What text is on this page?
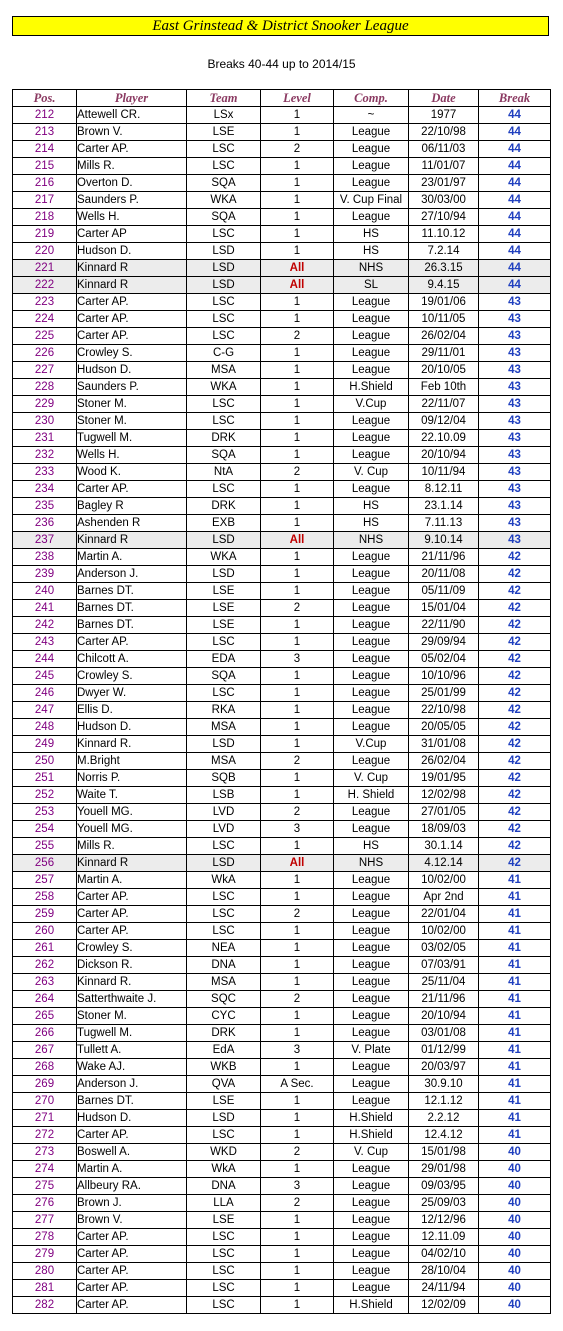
East Grinstead & District Snooker League
Breaks 40-44 up to 2014/15
Pos.	Player	Team	Level	Comp.	Date	Break
212	Attewell CR.	LSx	1	~	1977	44
213	Brown V.	LSE	1	League	22/10/98	44
214	Carter AP.	LSC	2	League	06/11/03	44
215	Mills R.	LSC	1	League	11/01/07	44
216	Overton D.	SQA	1	League	23/01/97	44
217	Saunders P.	WKA	1	V. Cup Final	30/03/00	44
218	Wells H.	SQA	1	League	27/10/94	44
219	Carter AP	LSC	1	HS	11.10.12	44
220	Hudson D.	LSD	1	HS	7.2.14	44
221	Kinnard R	LSD	All	NHS	26.3.15	44
222	Kinnard R	LSD	All	SL	9.4.15	44
223	Carter AP.	LSC	1	League	19/01/06	43
224	Carter AP.	LSC	1	League	10/11/05	43
225	Carter AP.	LSC	2	League	26/02/04	43
226	Crowley S.	C-G	1	League	29/11/01	43
227	Hudson D.	MSA	1	League	20/10/05	43
228	Saunders P.	WKA	1	H.Shield	Feb 10th	43
229	Stoner M.	LSC	1	V.Cup	22/11/07	43
230	Stoner M.	LSC	1	League	09/12/04	43
231	Tugwell M.	DRK	1	League	22.10.09	43
232	Wells H.	SQA	1	League	20/10/94	43
233	Wood K.	NtA	2	V. Cup	10/11/94	43
234	Carter AP.	LSC	1	League	8.12.11	43
235	Bagley R	DRK	1	HS	23.1.14	43
236	Ashenden R	EXB	1	HS	7.11.13	43
237	Kinnard R	LSD	All	NHS	9.10.14	43
238	Martin A.	WKA	1	League	21/11/96	42
239	Anderson J.	LSD	1	League	20/11/08	42
240	Barnes DT.	LSE	1	League	05/11/09	42
241	Barnes DT.	LSE	2	League	15/01/04	42
242	Barnes DT.	LSE	1	League	22/11/90	42
243	Carter AP.	LSC	1	League	29/09/94	42
244	Chilcott A.	EDA	3	League	05/02/04	42
245	Crowley S.	SQA	1	League	10/10/96	42
246	Dwyer W.	LSC	1	League	25/01/99	42
247	Ellis D.	RKA	1	League	22/10/98	42
248	Hudson D.	MSA	1	League	20/05/05	42
249	Kinnard R.	LSD	1	V.Cup	31/01/08	42
250	M.Bright	MSA	2	League	26/02/04	42
251	Norris P.	SQB	1	V. Cup	19/01/95	42
252	Waite T.	LSB	1	H. Shield	12/02/98	42
253	Youell MG.	LVD	2	League	27/01/05	42
254	Youell MG.	LVD	3	League	18/09/03	42
255	Mills R.	LSC	1	HS	30.1.14	42
256	Kinnard R	LSD	All	NHS	4.12.14	42
257	Martin A.	WkA	1	League	10/02/00	41
258	Carter AP.	LSC	1	League	Apr 2nd	41
259	Carter AP.	LSC	2	League	22/01/04	41
260	Carter AP.	LSC	1	League	10/02/00	41
261	Crowley S.	NEA	1	League	03/02/05	41
262	Dickson R.	DNA	1	League	07/03/91	41
263	Kinnard R.	MSA	1	League	25/11/04	41
264	Satterthwaite J.	SQC	2	League	21/11/96	41
265	Stoner M.	CYC	1	League	20/10/94	41
266	Tugwell M.	DRK	1	League	03/01/08	41
267	Tullett A.	EdA	3	V. Plate	01/12/99	41
268	Wake AJ.	WKB	1	League	20/03/97	41
269	Anderson J.	QVA	A Sec.	League	30.9.10	41
270	Barnes DT.	LSE	1	League	12.1.12	41
271	Hudson D.	LSD	1	H.Shield	2.2.12	41
272	Carter AP.	LSC	1	H.Shield	12.4.12	41
273	Boswell A.	WKD	2	V. Cup	15/01/98	40
274	Martin A.	WkA	1	League	29/01/98	40
275	Allbeury RA.	DNA	3	League	09/03/95	40
276	Brown J.	LLA	2	League	25/09/03	40
277	Brown V.	LSE	1	League	12/12/96	40
278	Carter AP.	LSC	1	League	12.11.09	40
279	Carter AP.	LSC	1	League	04/02/10	40
280	Carter AP.	LSC	1	League	28/10/04	40
281	Carter AP.	LSC	1	League	24/11/94	40
282	Carter AP.	LSC	1	H.Shield	12/02/09	40
